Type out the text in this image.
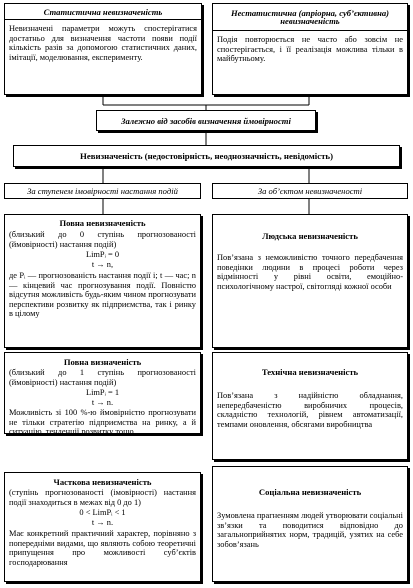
Статистична невизначеність
Невизначені параметри можуть спостерігатися достатньо для визначення частоти появи події кількість разів за допомогою статистичних даних, імітації, моделювання, експерименту.
Нестатистична (апріорна, суб’єктивна) невизначеність
Подія повторюється не часто або зовсім не спостерігається, і її реалізація можлива тільки в майбутньому.
Залежно від засобів визначення ймовірності
Невизначеність (недостовірність, неоднозначність, невідомість)
За ступенем імовірності настання подій	За об’єктом невизначеності
Повна невизначеність
(близький до 0 ступінь прогнозованості (ймовірності) настання подій)
LimPᵢ = 0
t → n,
де Pᵢ — прогнозованість настання події i; t — час; n — кінцевий час прогнозування події. Повністю відсутня можливість будь-яким чином прогнозувати перспективи розвитку як підприємства, так і ринку в цілому
Повна визначеність
(близький до 1 ступінь прогнозованості (ймовірності) настання подій)
LimPᵢ = 1
t → n.
Можливість зі 100 %-ю ймовірністю прогнозувати не тільки стратегію підприємства на ринку, а й ситуацію, тенденції розвитку тощо
Часткова невизначеність
(ступінь прогнозованості (імовірності) настання події знаходиться в межах від 0 до 1)
0 < LimPᵢ < 1
t → n.
Має конкретний практичний характер, порівняно з попередніми видами, що являють собою теоретичні припущення про можливості суб’єктів господарювання
Людська невизначеність
Пов’язана з неможливістю точного передбачення поведінки людини в процесі роботи через відмінності у рівні освіти, емоційно-психологічному настрої, світогляді кожної особи
Технічна невизначеність
Пов’язана з надійністю обладнання, непередбаченістю виробничих процесів, складністю технологій, рівнем автоматизації, темпами оновлення, обсягами виробництва
Соціальна невизначеність
Зумовлена прагненням людей утворювати соціальні зв’язки та поводитися відповідно до загальноприйнятих норм, традицій, узятих на себе зобов’язань
